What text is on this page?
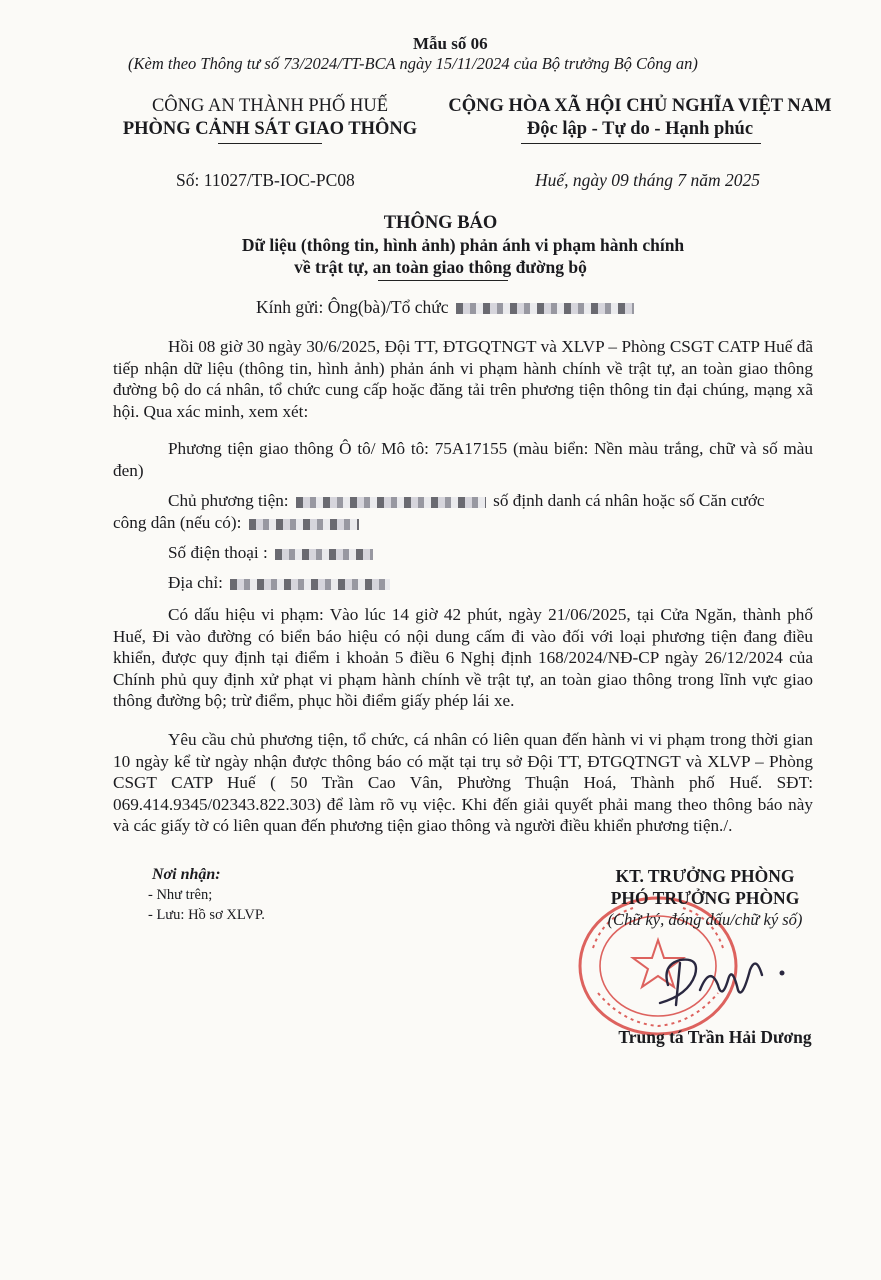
Mẫu số 06
(Kèm theo Thông tư số 73/2024/TT-BCA ngày 15/11/2024 của Bộ trưởng Bộ Công an)
CÔNG AN THÀNH PHỐ HUẾ
PHÒNG CẢNH SÁT GIAO THÔNG
Số: 11027/TB-IOC-PC08
CỘNG HÒA XÃ HỘI CHỦ NGHĨA VIỆT NAM
Độc lập - Tự do - Hạnh phúc
Huế, ngày 09 tháng 7 năm 2025
THÔNG BÁO
Dữ liệu (thông tin, hình ảnh) phản ánh vi phạm hành chính
về trật tự, an toàn giao thông đường bộ
Kính gửi: Ông(bà)/Tổ chức
Hồi 08 giờ 30 ngày 30/6/2025, Đội TT, ĐTGQTNGT và XLVP – Phòng CSGT CATP Huế đã tiếp nhận dữ liệu (thông tin, hình ảnh) phản ánh vi phạm hành chính về trật tự, an toàn giao thông đường bộ do cá nhân, tổ chức cung cấp hoặc đăng tải trên phương tiện thông tin đại chúng, mạng xã hội. Qua xác minh, xem xét:
Phương tiện giao thông Ô tô/ Mô tô: 75A17155 (màu biển: Nền màu trắng, chữ và số màu đen)
Chủ phương tiện:	số định danh cá nhân hoặc số Căn cước
công dân (nếu có):
Số điện thoại :
Địa chỉ:
Có dấu hiệu vi phạm: Vào lúc 14 giờ 42 phút, ngày 21/06/2025, tại Cửa Ngăn, thành phố Huế, Đi vào đường có biển báo hiệu có nội dung cấm đi vào đối với loại phương tiện đang điều khiển, được quy định tại điểm i khoản 5 điều 6 Nghị định 168/2024/NĐ-CP ngày 26/12/2024 của Chính phủ quy định xử phạt vi phạm hành chính về trật tự, an toàn giao thông trong lĩnh vực giao thông đường bộ; trừ điểm, phục hồi điểm giấy phép lái xe.
Yêu cầu chủ phương tiện, tổ chức, cá nhân có liên quan đến hành vi vi phạm trong thời gian 10 ngày kể từ ngày nhận được thông báo có mặt tại trụ sở Đội TT, ĐTGQTNGT và XLVP – Phòng CSGT CATP Huế ( 50 Trần Cao Vân, Phường Thuận Hoá, Thành phố Huế. SĐT: 069.414.9345/02343.822.303) để làm rõ vụ việc. Khi đến giải quyết phải mang theo thông báo này và các giấy tờ có liên quan đến phương tiện giao thông và người điều khiển phương tiện./.
Nơi nhận:
- Như trên;
- Lưu: Hồ sơ XLVP.
KT. TRƯỞNG PHÒNG
PHÓ TRƯỞNG PHÒNG
(Chữ ký, đóng dấu/chữ ký số)
Trung tá Trần Hải Dương
